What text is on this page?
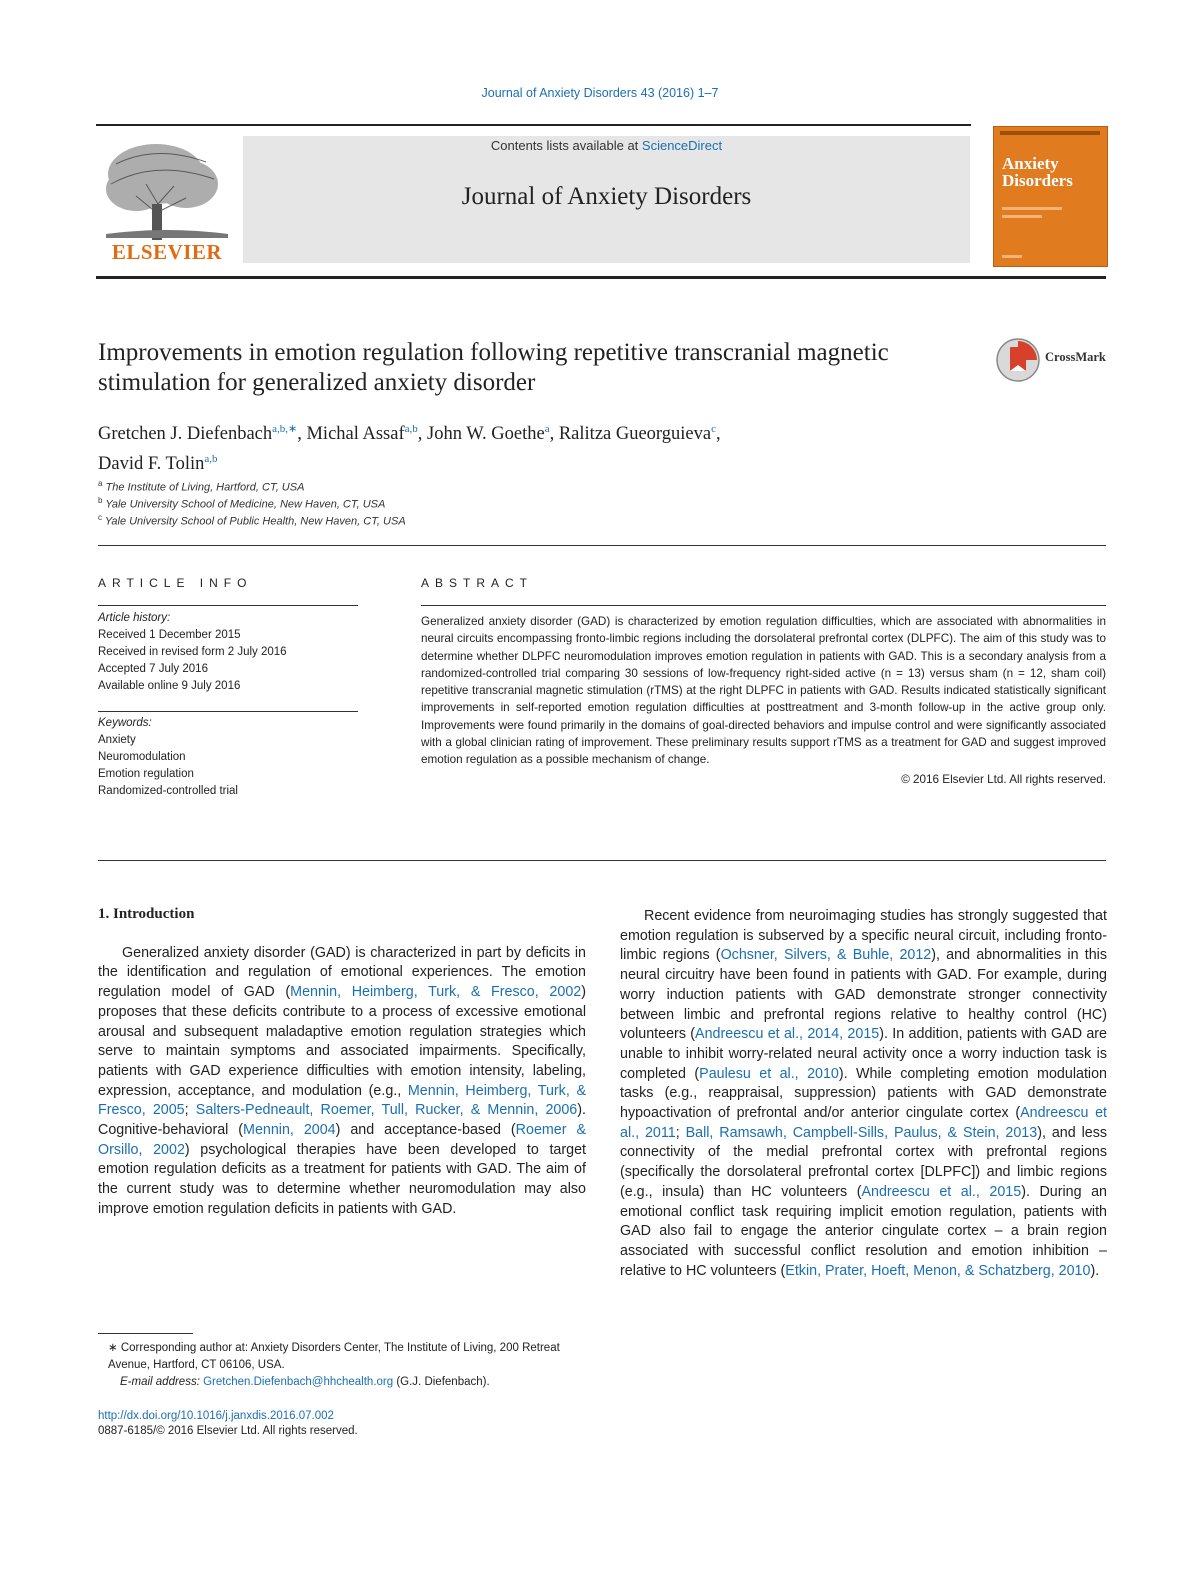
Journal of Anxiety Disorders 43 (2016) 1–7
ELSEVIER
Contents lists available at ScienceDirect
Journal of Anxiety Disorders
Anxiety
Disorders
Improvements in emotion regulation following repetitive transcranial magnetic stimulation for generalized anxiety disorder
CrossMark
Gretchen J. Diefenbach$^{a,b,∗}$, Michal Assaf$^{a,b}$, John W. Goethe$^a$, Ralitza Gueorguieva$^c$,
David F. Tolin$^{a,b}$
$^a$ The Institute of Living, Hartford, CT, USA
$^b$ Yale University School of Medicine, New Haven, CT, USA
$^c$ Yale University School of Public Health, New Haven, CT, USA
ARTICLE INFO
Article history:
Received 1 December 2015
Received in revised form 2 July 2016
Accepted 7 July 2016
Available online 9 July 2016
Keywords:
Anxiety
Neuromodulation
Emotion regulation
Randomized-controlled trial
ABSTRACT
Generalized anxiety disorder (GAD) is characterized by emotion regulation difficulties, which are associated with abnormalities in neural circuits encompassing fronto-limbic regions including the dorsolateral prefrontal cortex (DLPFC). The aim of this study was to determine whether DLPFC neuromodulation improves emotion regulation in patients with GAD. This is a secondary analysis from a randomized-controlled trial comparing 30 sessions of low-frequency right-sided active (n = 13) versus sham (n = 12, sham coil) repetitive transcranial magnetic stimulation (rTMS) at the right DLPFC in patients with GAD. Results indicated statistically significant improvements in self-reported emotion regulation difficulties at posttreatment and 3-month follow-up in the active group only. Improvements were found primarily in the domains of goal-directed behaviors and impulse control and were significantly associated with a global clinician rating of improvement. These preliminary results support rTMS as a treatment for GAD and suggest improved emotion regulation as a possible mechanism of change.
© 2016 Elsevier Ltd. All rights reserved.
1. Introduction

Generalized anxiety disorder (GAD) is characterized in part by deficits in the identification and regulation of emotional experiences. The emotion regulation model of GAD (Mennin, Heimberg, Turk, & Fresco, 2002) proposes that these deficits contribute to a process of excessive emotional arousal and subsequent maladaptive emotion regulation strategies which serve to maintain symptoms and associated impairments. Specifically, patients with GAD experience difficulties with emotion intensity, labeling, expression, acceptance, and modulation (e.g., Mennin, Heimberg, Turk, & Fresco, 2005; Salters-Pedneault, Roemer, Tull, Rucker, & Mennin, 2006). Cognitive-behavioral (Mennin, 2004) and acceptance-based (Roemer & Orsillo, 2002) psychological therapies have been developed to target emotion regulation deficits as a treatment for patients with GAD. The aim of the current study was to determine whether neuromodulation may also improve emotion regulation deficits in patients with GAD.

Recent evidence from neuroimaging studies has strongly suggested that emotion regulation is subserved by a specific neural circuit, including fronto-limbic regions (Ochsner, Silvers, & Buhle, 2012), and abnormalities in this neural circuitry have been found in patients with GAD. For example, during worry induction patients with GAD demonstrate stronger connectivity between limbic and prefrontal regions relative to healthy control (HC) volunteers (Andreescu et al., 2014, 2015). In addition, patients with GAD are unable to inhibit worry-related neural activity once a worry induction task is completed (Paulesu et al., 2010). While completing emotion modulation tasks (e.g., reappraisal, suppression) patients with GAD demonstrate hypoactivation of prefrontal and/or anterior cingulate cortex (Andreescu et al., 2011; Ball, Ramsawh, Campbell-Sills, Paulus, & Stein, 2013), and less connectivity of the medial prefrontal cortex with prefrontal regions (specifically the dorsolateral prefrontal cortex [DLPFC]) and limbic regions (e.g., insula) than HC volunteers (Andreescu et al., 2015). During an emotional conflict task requiring implicit emotion regulation, patients with GAD also fail to engage the anterior cingulate cortex – a brain region associated with successful conflict resolution and emotion inhibition – relative to HC volunteers (Etkin, Prater, Hoeft, Menon, & Schatzberg, 2010).

∗ Corresponding author at: Anxiety Disorders Center, The Institute of Living, 200 Retreat Avenue, Hartford, CT 06106, USA.
E-mail address: Gretchen.Diefenbach@hhchealth.org (G.J. Diefenbach).
http://dx.doi.org/10.1016/j.janxdis.2016.07.002
0887-6185/© 2016 Elsevier Ltd. All rights reserved.
